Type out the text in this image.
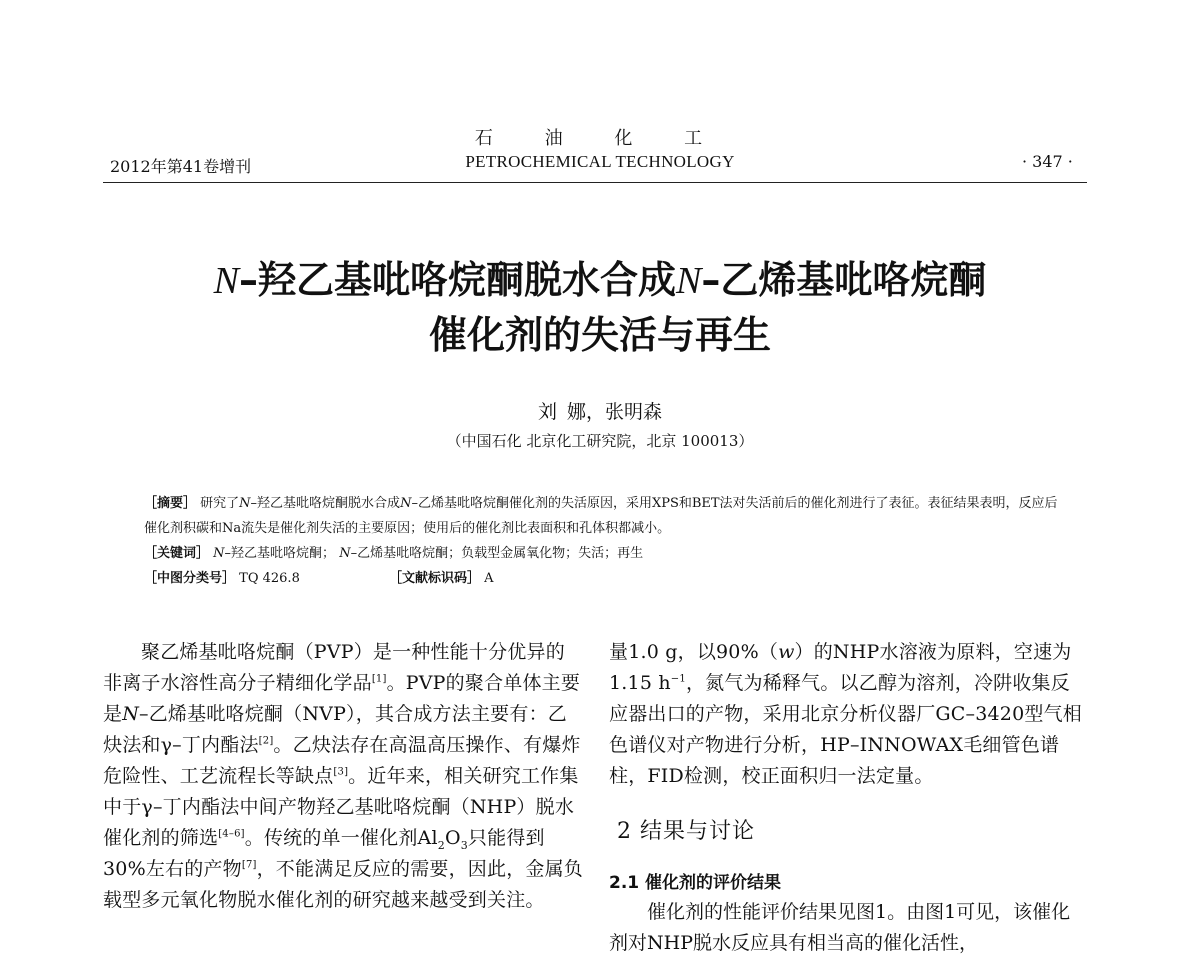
石 油 化 工
2012年第41卷增刊	PETROCHEMICAL TECHNOLOGY	· 347 ·
N–羟乙基吡咯烷酮脱水合成N–乙烯基吡咯烷酮
催化剂的失活与再生
刘 娜，张明森
（中国石化 北京化工研究院，北京 100013）
［摘要］ 研究了N–羟乙基吡咯烷酮脱水合成N–乙烯基吡咯烷酮催化剂的失活原因，采用XPS和BET法对失活前后的催化剂进行了表征。表征结果表明，反应后催化剂积碳和Na流失是催化剂失活的主要原因；使用后的催化剂比表面积和孔体积都减小。
［关键词］ N–羟乙基吡咯烷酮； N–乙烯基吡咯烷酮；负载型金属氧化物；失活；再生
［中图分类号］ TQ 426.8	［文献标识码］ A

聚乙烯基吡咯烷酮（PVP）是一种性能十分优异的非离子水溶性高分子精细化学品[1]。PVP的聚合单体主要是N–乙烯基吡咯烷酮（NVP），其合成方法主要有：乙炔法和γ–丁内酯法[2]。乙炔法存在高温高压操作、有爆炸危险性、工艺流程长等缺点[3]。近年来，相关研究工作集中于γ–丁内酯法中间产物羟乙基吡咯烷酮（NHP）脱水催化剂的筛选[4–6]。传统的单一催化剂$Al_2O_3$只能得到30%左右的产物[7]，不能满足反应的需要，因此，金属负载型多元氧化物脱水催化剂的研究越来越受到关注。

量1.0 g，以90%（w）的NHP水溶液为原料，空速为1.15 $h^{-1}$，氮气为稀释气。以乙醇为溶剂，冷阱收集反应器出口的产物，采用北京分析仪器厂GC–3420型气相色谱仪对产物进行分析，HP–INNOWAX毛细管色谱柱，FID检测，校正面积归一法定量。

2 结果与讨论
2.1 催化剂的评价结果
催化剂的性能评价结果见图1。由图1可见，该催化剂对NHP脱水反应具有相当高的催化活性，
